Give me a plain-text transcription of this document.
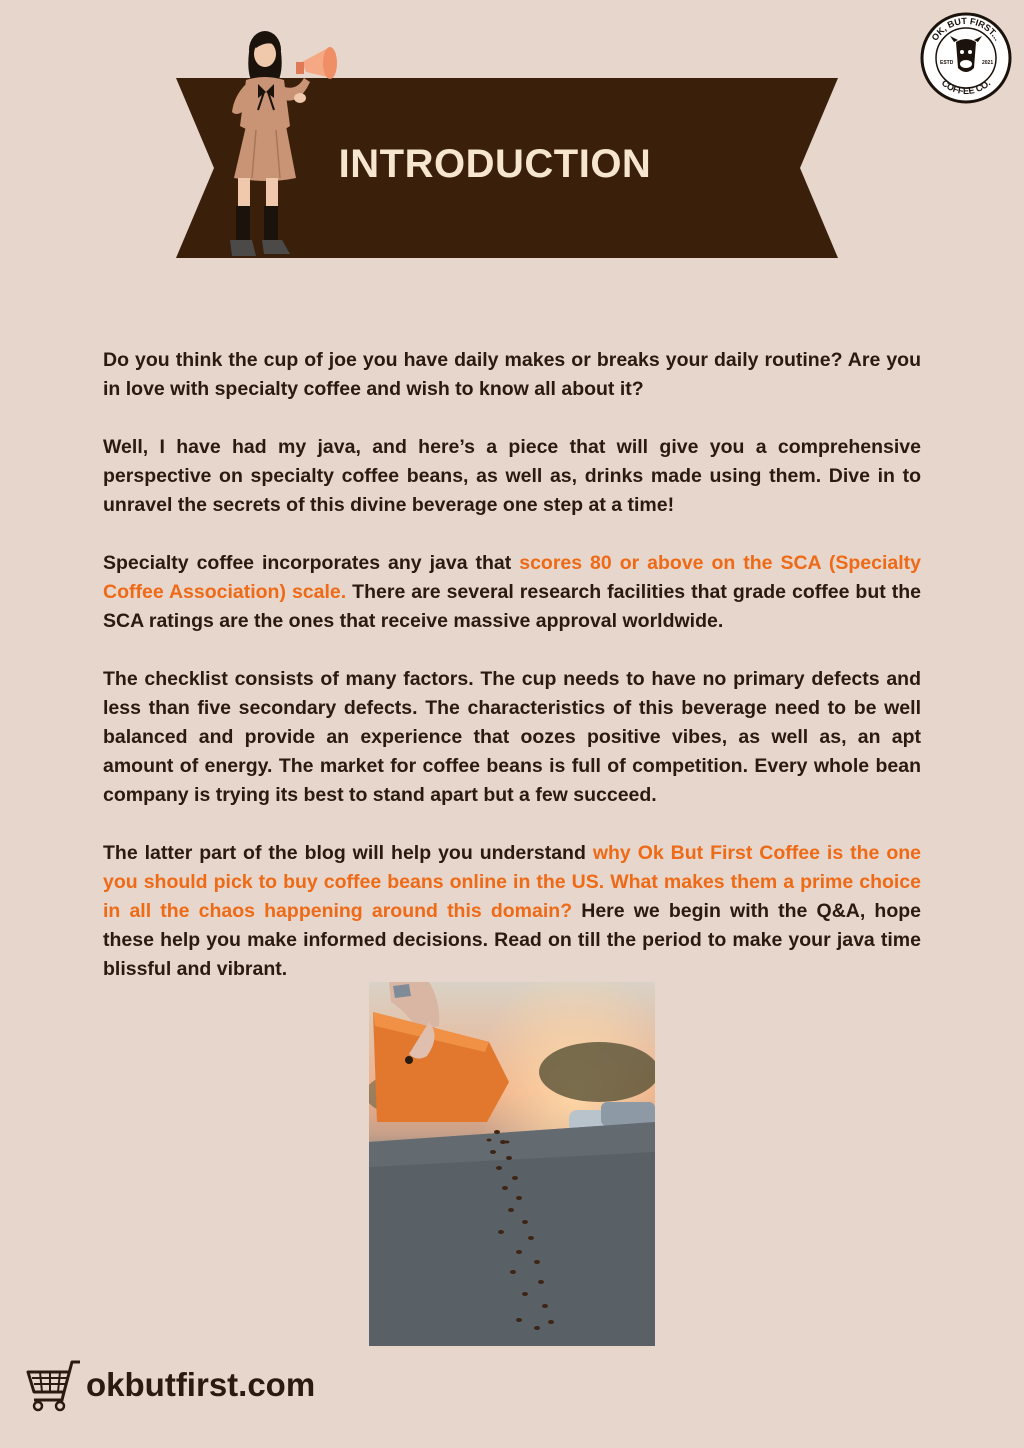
INTRODUCTION
ESTD	2021
OK, BUT FIRST...
COFFEE CO.

Do you think the cup of joe you have daily makes or breaks your daily routine? Are you in love with specialty coffee and wish to know all about it?

Well, I have had my java, and here’s a piece that will give you a comprehensive perspective on specialty coffee beans, as well as, drinks made using them. Dive in to unravel the secrets of this divine beverage one step at a time!

Specialty coffee incorporates any java that scores 80 or above on the SCA (Specialty Coffee Association) scale. There are several research facilities that grade coffee but the SCA ratings are the ones that receive massive approval worldwide.

The checklist consists of many factors. The cup needs to have no primary defects and less than five secondary defects. The characteristics of this beverage need to be well balanced and provide an experience that oozes positive vibes, as well as, an apt amount of energy. The market for coffee beans is full of competition. Every whole bean company is trying its best to stand apart but a few succeed.

The latter part of the blog will help you understand why Ok But First Coffee is the one you should pick to buy coffee beans online in the US. What makes them a prime choice in all the chaos happening around this domain? Here we begin with the Q&A, hope these help you make informed decisions. Read on till the period to make your java time blissful and vibrant.

okbutfirst.com
